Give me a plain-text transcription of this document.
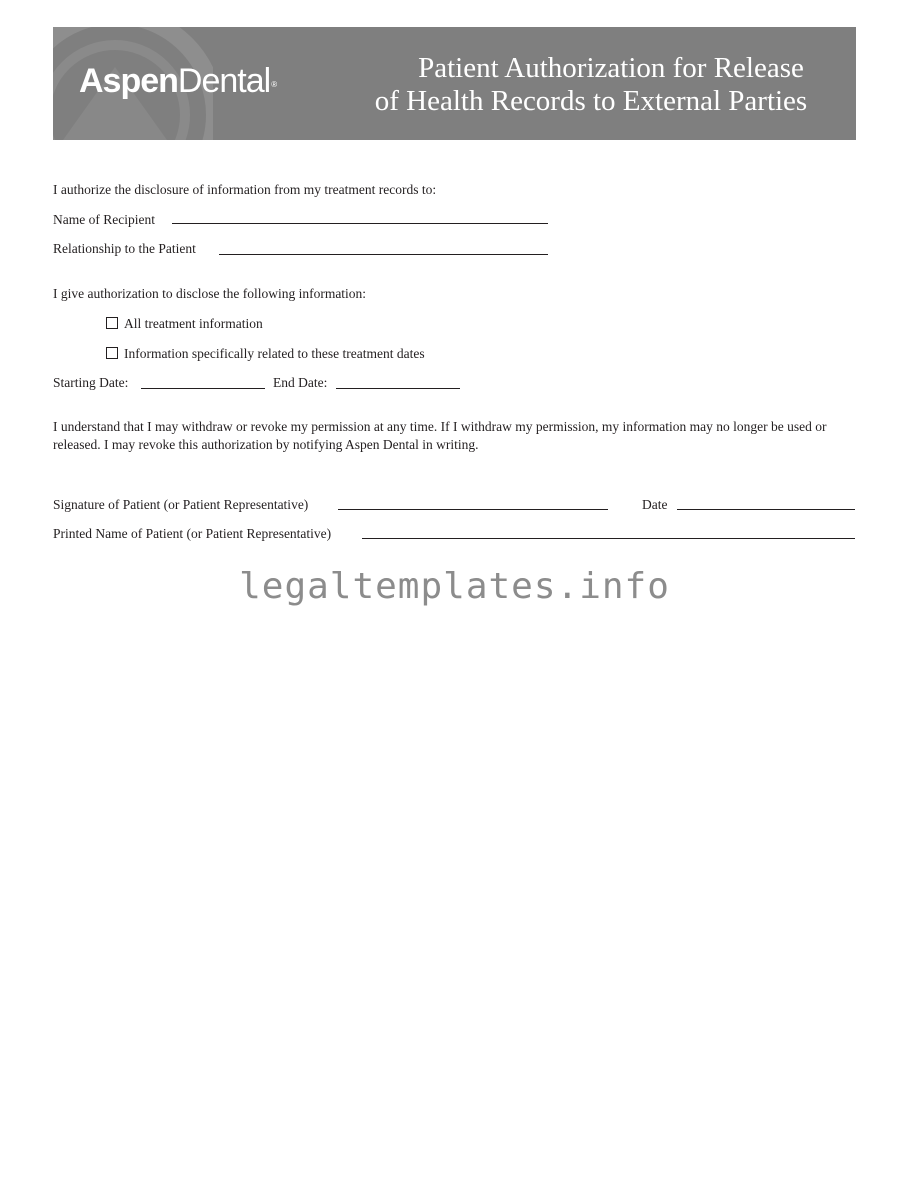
AspenDental®
Patient Authorization for Release
of Health Records to External Parties
I authorize the disclosure of information from my treatment records to:
Name of Recipient
Relationship to the Patient
I give authorization to disclose the following information:
All treatment information
Information specifically related to these treatment dates
Starting Date:	End Date:
I understand that I may withdraw or revoke my permission at any time. If I withdraw my permission, my information may no longer be used or released. I may revoke this authorization by notifying Aspen Dental in writing.
Signature of Patient (or Patient Representative)	Date
Printed Name of Patient (or Patient Representative)
legaltemplates.info
